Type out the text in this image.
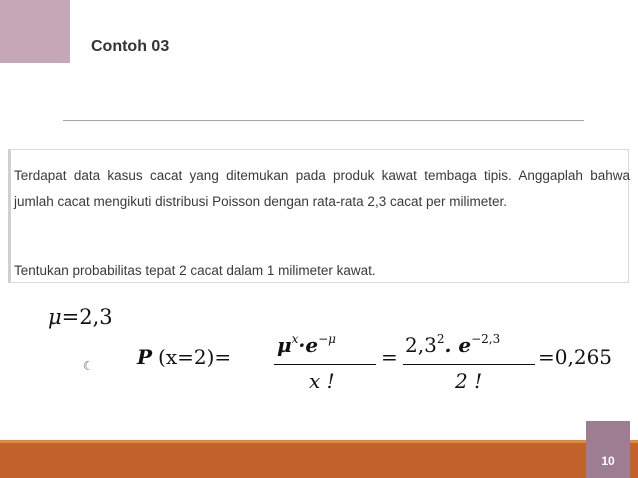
Contoh 03
Terdapat data kasus cacat yang ditemukan pada produk kawat tembaga tipis. Anggaplah bahwa jumlah cacat mengikuti distribusi Poisson dengan rata-rata 2,3 cacat per milimeter.
Tentukan probabilitas tepat 2 cacat dalam 1 milimeter kawat.
μ=2,3
☾ P $(x=2)= \mu^x\cdot e^{-\mu}$
x !
= $2,3^2$. $e^{-2,3}$
2 !
=0,265
10
